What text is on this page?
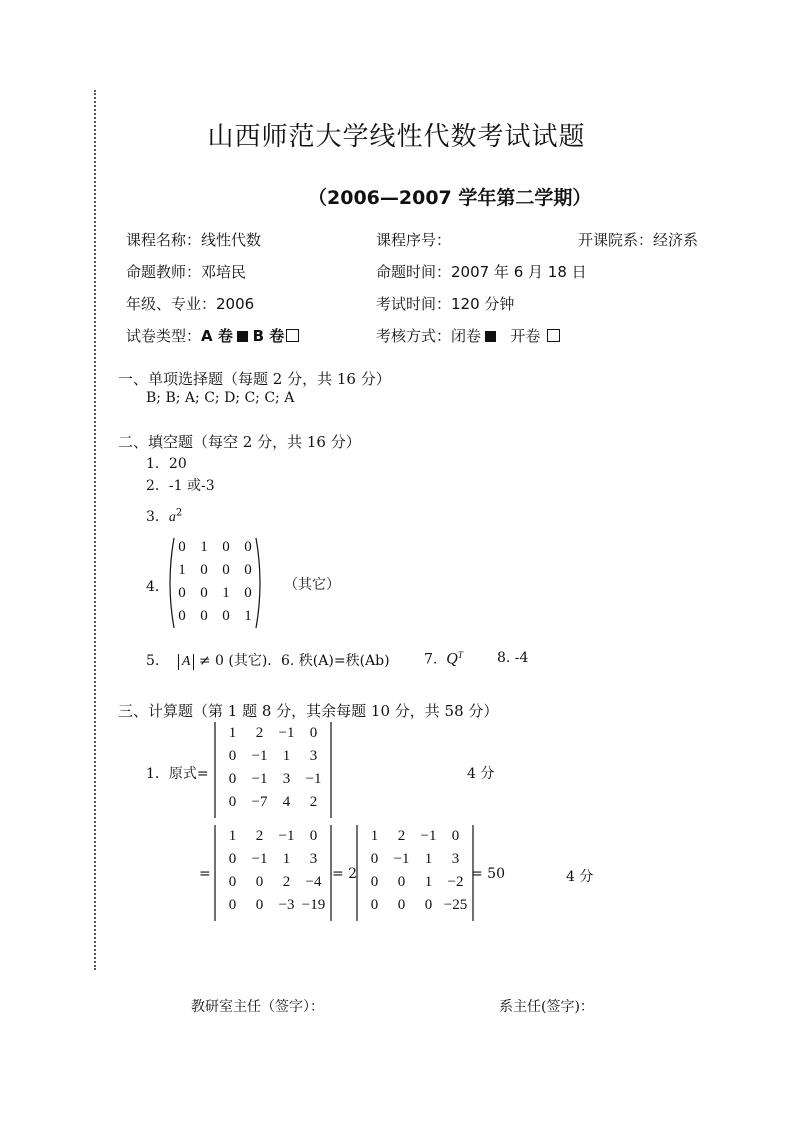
山西师范大学线性代数考试试题
（2006—2007 学年第二学期）
课程名称：线性代数	课程序号：	开课院系：经济系
命题教师：邓培民	命题时间：2007 年 6 月 18 日
年级、专业：2006	考试时间：120 分钟
试卷类型：A 卷 B 卷	考核方式：闭卷 开卷
一、单项选择题（每题 2 分，共 16 分）
B; B; A; C; D; C; C; A
二、填空题（每空 2 分，共 16 分）
1．20
2．-1 或-3
3．$a^2$
4．
0 1 0 0
1 0 0 0
0 0 1 0
0 0 0 1
（其它）
5. A ≠ 0 (其它). 6. 秩(A)=秩(Ab) 7. $Q^T$ 8. -4
三、计算题（第 1 题 8 分，其余每题 10 分，共 58 分）
1．原式=
1	2	−1	0
0	−1	1	3
0	−1	3	−1
0	−7	4	2
4 分
=
1	2	−1	0
0	−1	1	3
0	0	2	−4
0	0	−3 −19
= 2
1	2	−1	0
0	−1	1	3
0	0	1	−2
0	0	0 −25
= 50	4 分
教研室主任（签字）：	系主任(签字)：
